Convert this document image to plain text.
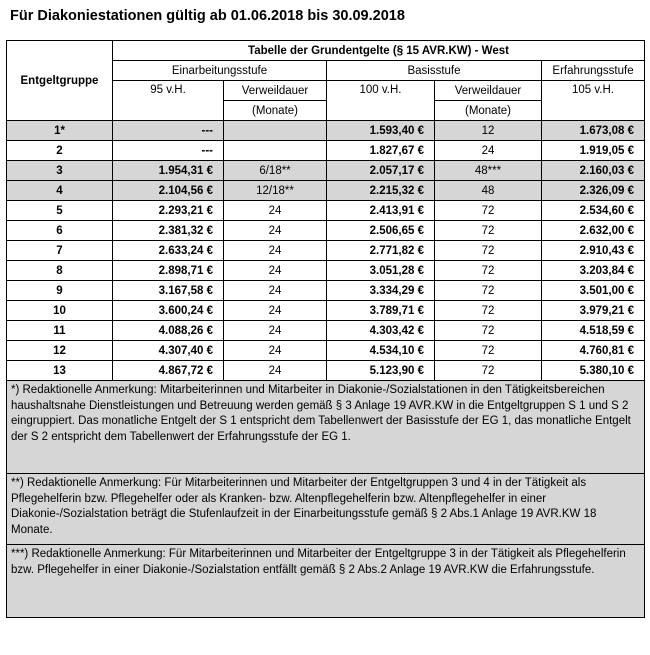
Für Diakoniestationen gültig ab 01.06.2018 bis 30.09.2018
Entgeltgruppe	Tabelle der Grundentgelte (§ 15 AVR.KW) - West				
	Einarbeitungsstufe		Basisstufe		Erfahrungsstufe
	95 v.H.	Verweildauer	100 v.H.	Verweildauer	105 v.H.
		(Monate)		(Monate)	
1*	---		1.593,40 €	12	1.673,08 €
2	---		1.827,67 €	24	1.919,05 €
3	1.954,31 €	6/18**	2.057,17 €	48***	2.160,03 €
4	2.104,56 €	12/18**	2.215,32 €	48	2.326,09 €
5	2.293,21 €	24	2.413,91 €	72	2.534,60 €
6	2.381,32 €	24	2.506,65 €	72	2.632,00 €
7	2.633,24 €	24	2.771,82 €	72	2.910,43 €
8	2.898,71 €	24	3.051,28 €	72	3.203,84 €
9	3.167,58 €	24	3.334,29 €	72	3.501,00 €
10	3.600,24 €	24	3.789,71 €	72	3.979,21 €
11	4.088,26 €	24	4.303,42 €	72	4.518,59 €
12	4.307,40 €	24	4.534,10 €	72	4.760,81 €
13	4.867,72 €	24	5.123,90 €	72	5.380,10 €
*) Redaktionelle Anmerkung: Mitarbeiterinnen und Mitarbeiter in Diakonie-/Sozialstationen in den Tätigkeitsbereichen haushaltsnahe Dienstleistungen und Betreuung werden gemäß § 3 Anlage 19 AVR.KW in die Entgeltgruppen S 1 und S 2 eingruppiert. Das monatliche Entgelt der S 1 entspricht dem Tabellenwert der Basisstufe der EG 1, das monatliche Entgelt der S 2 entspricht dem Tabellenwert der Erfahrungsstufe der EG 1.					
**) Redaktionelle Anmerkung: Für Mitarbeiterinnen und Mitarbeiter der Entgeltgruppen 3 und 4 in der Tätigkeit als Pflegehelferin bzw. Pflegehelfer oder als Kranken- bzw. Altenpflegehelferin bzw. Altenpflegehelfer in einer Diakonie-/Sozialstation beträgt die Stufenlaufzeit in der Einarbeitungsstufe gemäß § 2 Abs.1 Anlage 19 AVR.KW 18 Monate.					
***) Redaktionelle Anmerkung: Für Mitarbeiterinnen und Mitarbeiter der Entgeltgruppe 3 in der Tätigkeit als Pflegehelferin bzw. Pflegehelfer in einer Diakonie-/Sozialstation entfällt gemäß § 2 Abs.2 Anlage 19 AVR.KW die Erfahrungsstufe.					
